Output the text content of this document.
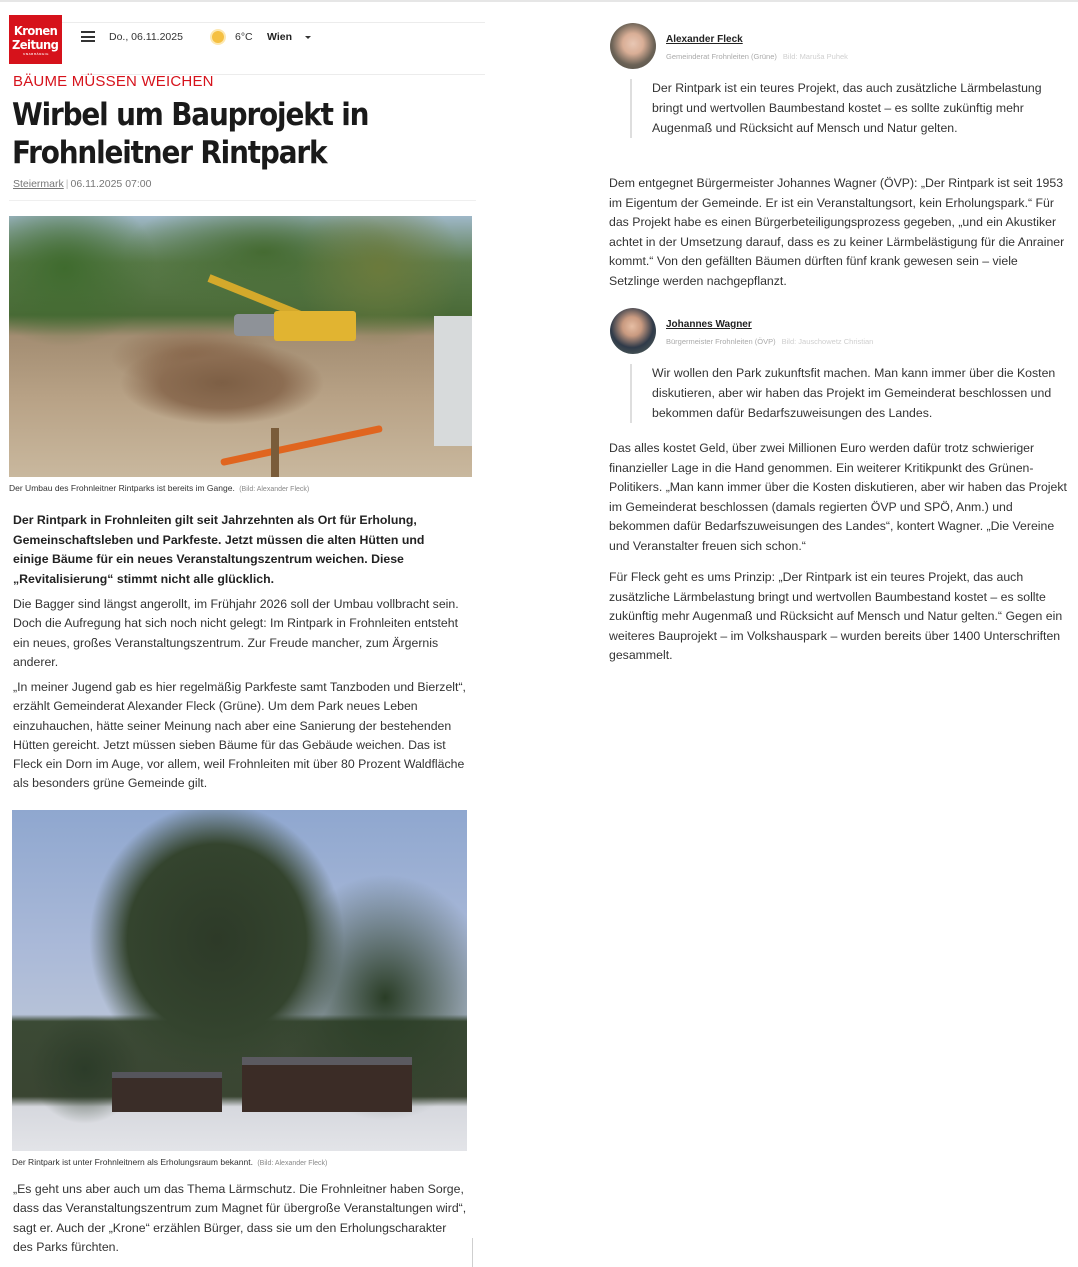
Kronen
Zeitung
UNABHÄNGIG
Do., 06.11.2025	6°C Wien
BÄUME MÜSSEN WEICHEN
Wirbel um Bauprojekt in Frohnleitner Rintpark
Steiermark | 06.11.2025 07:00
Der Umbau des Frohnleitner Rintparks ist bereits im Gange. (Bild: Alexander Fleck)

Der Rintpark in Frohnleiten gilt seit Jahrzehnten als Ort für Erholung, Gemeinschaftsleben und Parkfeste. Jetzt müssen die alten Hütten und einige Bäume für ein neues Veranstaltungszentrum weichen. Diese „Revitalisierung“ stimmt nicht alle glücklich.

Die Bagger sind längst angerollt, im Frühjahr 2026 soll der Umbau vollbracht sein. Doch die Aufregung hat sich noch nicht gelegt: Im Rintpark in Frohnleiten entsteht ein neues, großes Veranstaltungszentrum. Zur Freude mancher, zum Ärgernis anderer.

„In meiner Jugend gab es hier regelmäßig Parkfeste samt Tanzboden und Bierzelt“, erzählt Gemeinderat Alexander Fleck (Grüne). Um dem Park neues Leben einzuhauchen, hätte seiner Meinung nach aber eine Sanierung der bestehenden Hütten gereicht. Jetzt müssen sieben Bäume für das Gebäude weichen. Das ist Fleck ein Dorn im Auge, vor allem, weil Frohnleiten mit über 80 Prozent Waldfläche als besonders grüne Gemeinde gilt.

Der Rintpark ist unter Frohnleitnern als Erholungsraum bekannt. (Bild: Alexander Fleck)

„Es geht uns aber auch um das Thema Lärmschutz. Die Frohnleitner haben Sorge, dass das Veranstaltungszentrum zum Magnet für übergroße Veranstaltungen wird“, sagt er. Auch der „Krone“ erzählen Bürger, dass sie um den Erholungscharakter des Parks fürchten.

Alexander Fleck
Gemeinderat Frohnleiten (Grüne) Bild: Maruša Puhek
Der Rintpark ist ein teures Projekt, das auch zusätzliche Lärmbelastung bringt und wertvollen Baumbestand kostet – es sollte zukünftig mehr Augenmaß und Rücksicht auf Mensch und Natur gelten.

Dem entgegnet Bürgermeister Johannes Wagner (ÖVP): „Der Rintpark ist seit 1953 im Eigentum der Gemeinde. Er ist ein Veranstaltungsort, kein Erholungspark.“ Für das Projekt habe es einen Bürgerbeteiligungsprozess gegeben, „und ein Akustiker achtet in der Umsetzung darauf, dass es zu keiner Lärmbelästigung für die Anrainer kommt.“ Von den gefällten Bäumen dürften fünf krank gewesen sein – viele Setzlinge werden nachgepflanzt.

Johannes Wagner
Bürgermeister Frohnleiten (ÖVP) Bild: Jauschowetz Christian
Wir wollen den Park zukunftsfit machen. Man kann immer über die Kosten diskutieren, aber wir haben das Projekt im Gemeinderat beschlossen und bekommen dafür Bedarfszuweisungen des Landes.

Das alles kostet Geld, über zwei Millionen Euro werden dafür trotz schwieriger finanzieller Lage in die Hand genommen. Ein weiterer Kritikpunkt des Grünen-Politikers. „Man kann immer über die Kosten diskutieren, aber wir haben das Projekt im Gemeinderat beschlossen (damals regierten ÖVP und SPÖ, Anm.) und bekommen dafür Bedarfszuweisungen des Landes“, kontert Wagner. „Die Vereine und Veranstalter freuen sich schon.“

Für Fleck geht es ums Prinzip: „Der Rintpark ist ein teures Projekt, das auch zusätzliche Lärmbelastung bringt und wertvollen Baumbestand kostet – es sollte zukünftig mehr Augenmaß und Rücksicht auf Mensch und Natur gelten.“ Gegen ein weiteres Bauprojekt – im Volkshauspark – wurden bereits über 1400 Unterschriften gesammelt.
